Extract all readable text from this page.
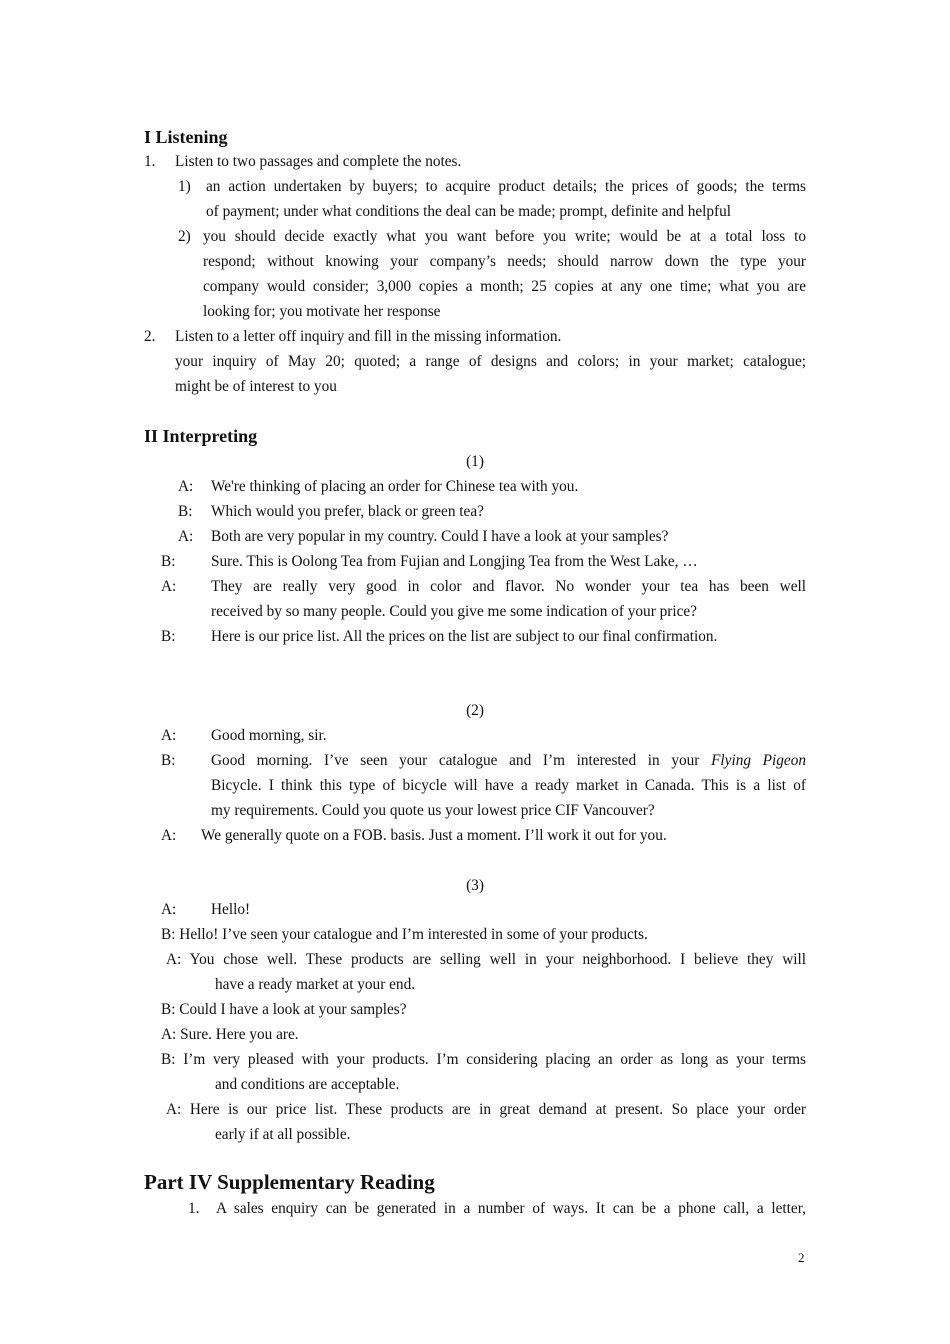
I Listening
1. Listen to two passages and complete the notes.
1) an action undertaken by buyers; to acquire product details; the prices of goods; the terms
of payment; under what conditions the deal can be made; prompt, definite and helpful
2) you should decide exactly what you want before you write; would be at a total loss to
respond; without knowing your company’s needs; should narrow down the type your
company would consider; 3,000 copies a month; 25 copies at any one time; what you are
looking for; you motivate her response
2. Listen to a letter off inquiry and fill in the missing information.
your inquiry of May 20; quoted; a range of designs and colors; in your market; catalogue;
might be of interest to you
II Interpreting
(1)
A: We're thinking of placing an order for Chinese tea with you.
B: Which would you prefer, black or green tea?
A: Both are very popular in my country. Could I have a look at your samples?
B: Sure. This is Oolong Tea from Fujian and Longjing Tea from the West Lake, …
A: They are really very good in color and flavor. No wonder your tea has been well
received by so many people. Could you give me some indication of your price?
B: Here is our price list. All the prices on the list are subject to our final confirmation.
(2)
A: Good morning, sir.
B: Good morning. I’ve seen your catalogue and I’m interested in your Flying Pigeon
Bicycle. I think this type of bicycle will have a ready market in Canada. This is a list of
my requirements. Could you quote us your lowest price CIF Vancouver?
A: We generally quote on a FOB. basis. Just a moment. I’ll work it out for you.
(3)
A: Hello!
B: Hello! I’ve seen your catalogue and I’m interested in some of your products.
A: You chose well. These products are selling well in your neighborhood. I believe they will
have a ready market at your end.
B: Could I have a look at your samples?
A: Sure. Here you are.
B: I’m very pleased with your products. I’m considering placing an order as long as your terms
and conditions are acceptable.
A: Here is our price list. These products are in great demand at present. So place your order
early if at all possible.
Part IV Supplementary Reading
1. A sales enquiry can be generated in a number of ways. It can be a phone call, a letter,
2
